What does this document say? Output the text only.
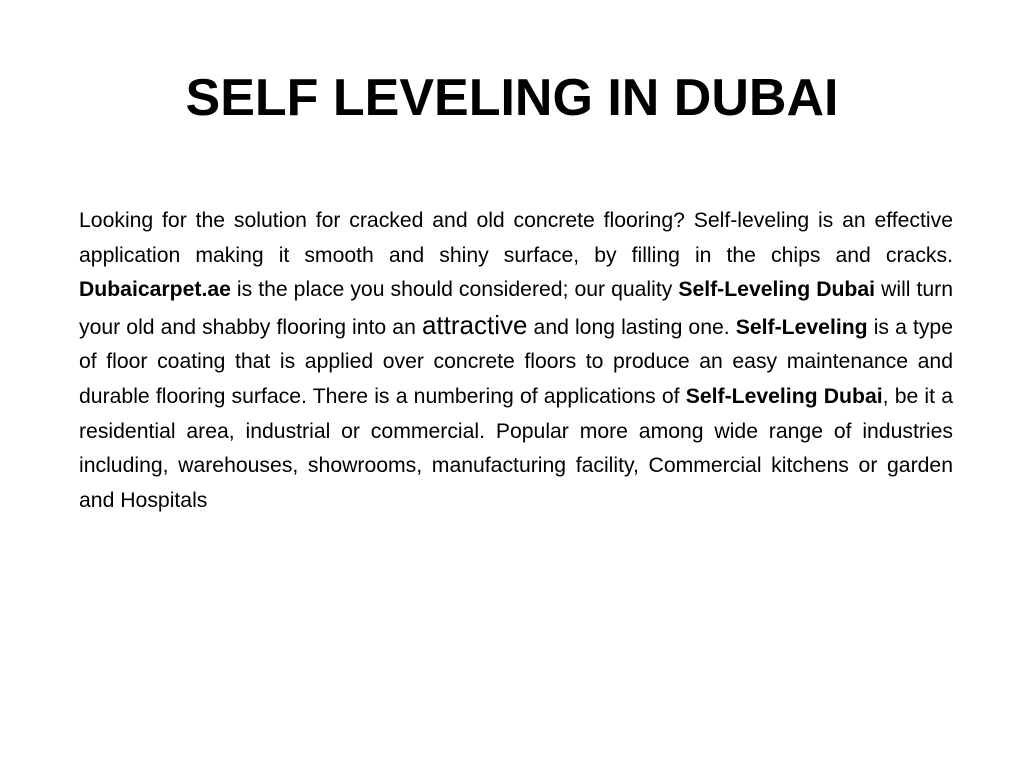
SELF LEVELING IN DUBAI

Looking for the solution for cracked and old concrete flooring? Self-leveling is an effective application making it smooth and shiny surface, by filling in the chips and cracks. Dubaicarpet.ae is the place you should considered; our quality Self-Leveling Dubai will turn your old and shabby flooring into an attractive and long lasting one. Self-Leveling is a type of floor coating that is applied over concrete floors to produce an easy maintenance and durable flooring surface. There is a numbering of applications of Self-Leveling Dubai, be it a residential area, industrial or commercial. Popular more among wide range of industries including, warehouses, showrooms, manufacturing facility, Commercial kitchens or garden and Hospitals
